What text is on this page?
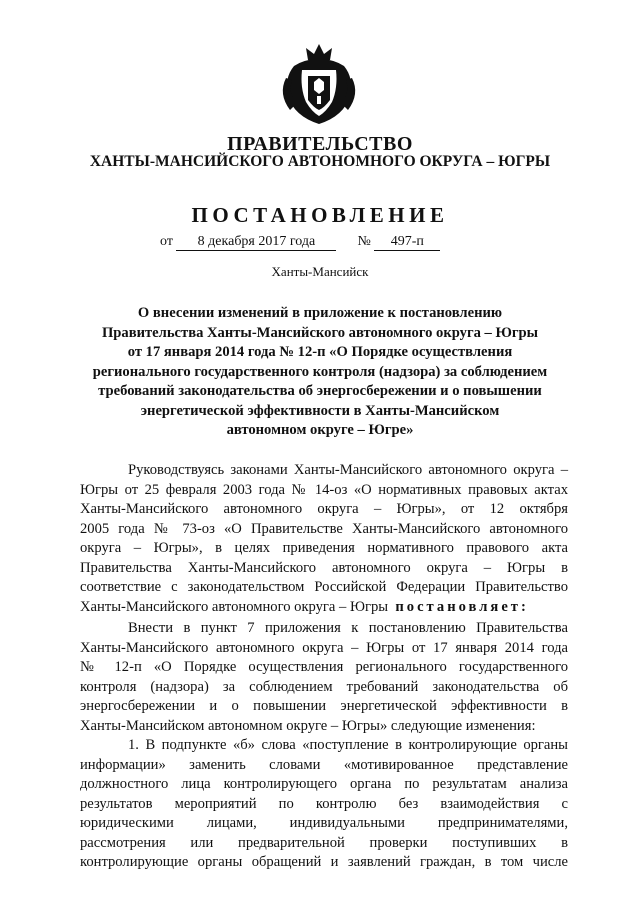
ПРАВИТЕЛЬСТВО
ХАНТЫ-МАНСИЙСКОГО АВТОНОМНОГО ОКРУГА – ЮГРЫ
ПОСТАНОВЛЕНИЕ
от 8 декабря 2017 года	№ 497-п
Ханты-Мансийск
О внесении изменений в приложение к постановлению
Правительства Ханты-Мансийского автономного округа – Югры
от 17 января 2014 года № 12-п «О Порядке осуществления
регионального государственного контроля (надзора) за соблюдением
требований законодательства об энергосбережении и о повышении
энергетической эффективности в Ханты-Мансийском
автономном округе – Югре»
Руководствуясь законами Ханты-Мансийского автономного округа –
Югры от 25 февраля 2003 года № 14-оз «О нормативных правовых актах
Ханты-Мансийского автономного округа – Югры», от 12 октября
2005 года № 73-оз «О Правительстве Ханты-Мансийского автономного
округа – Югры», в целях приведения нормативного правового акта
Правительства Ханты-Мансийского автономного округа – Югры в
соответствие с законодательством Российской Федерации Правительство
Ханты-Мансийского автономного округа – Югры постановляет:
Внести в пункт 7 приложения к постановлению Правительства
Ханты-Мансийского автономного округа – Югры от 17 января 2014 года
№ 12-п «О Порядке осуществления регионального государственного
контроля (надзора) за соблюдением требований законодательства об
энергосбережении и о повышении энергетической эффективности в
Ханты-Мансийском автономном округе – Югры» следующие изменения:
1. В подпункте «б» слова «поступление в контролирующие органы
информации» заменить словами «мотивированное представление
должностного лица контролирующего органа по результатам анализа
результатов мероприятий по контролю без взаимодействия с
юридическими лицами, индивидуальными предпринимателями,
рассмотрения или предварительной проверки поступивших в
контролирующие органы обращений и заявлений граждан, в том числе
